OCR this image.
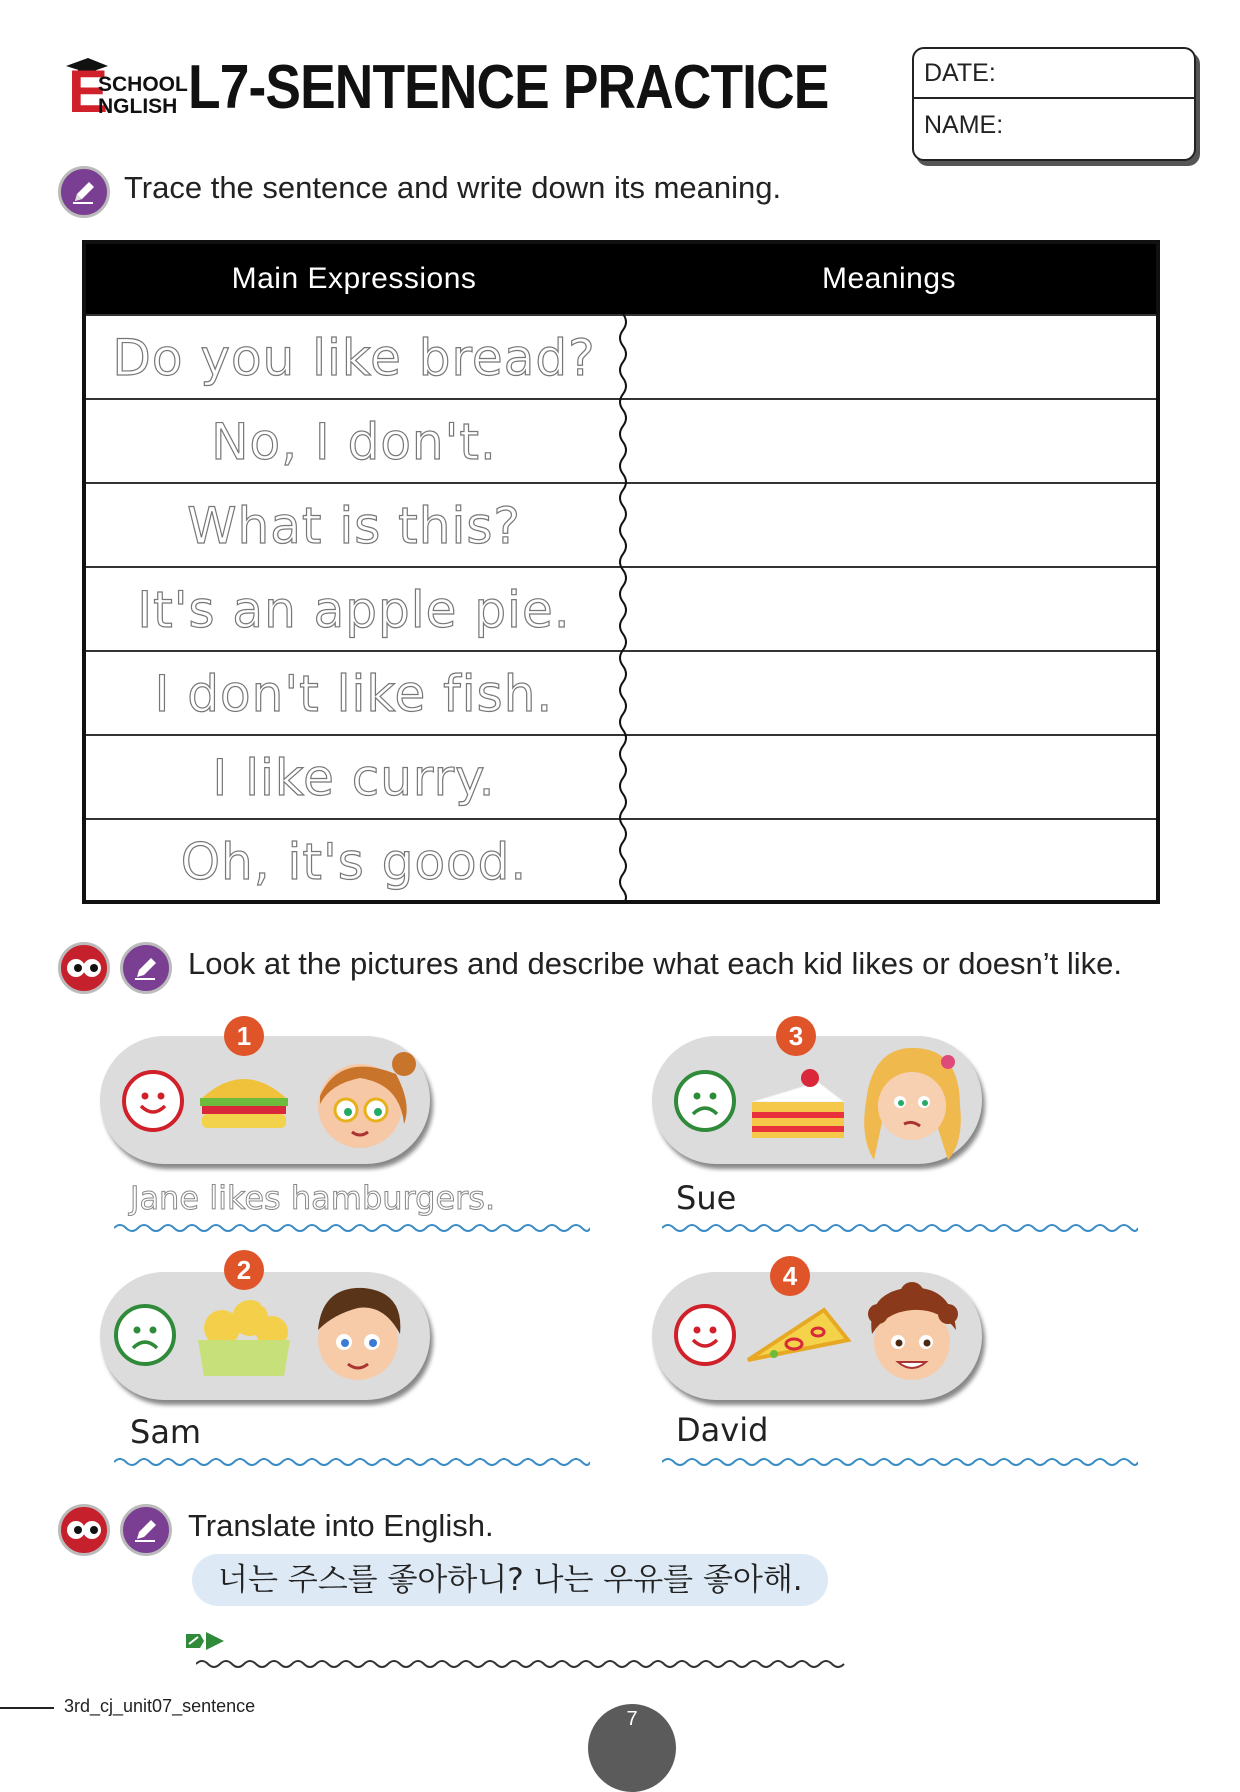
E
SCHOOL
NGLISH L7-SENTENCE PRACTICE	DATE:
NAME:
Trace the sentence and write down its meaning.
Main Expressions	Meanings
Do you like bread?
No, I don't.
What is this?
It's an apple pie.
I don't like fish.
I like curry.
Oh, it's good.
Look at the pictures and describe what each kid likes or doesn’t like.
1
Jane likes hamburgers.
3
Sue
2
Sam
4
David
Translate into English.
너는 주스를 좋아하니? 나는 우유를 좋아해.
3rd_cj_unit07_sentence
7
